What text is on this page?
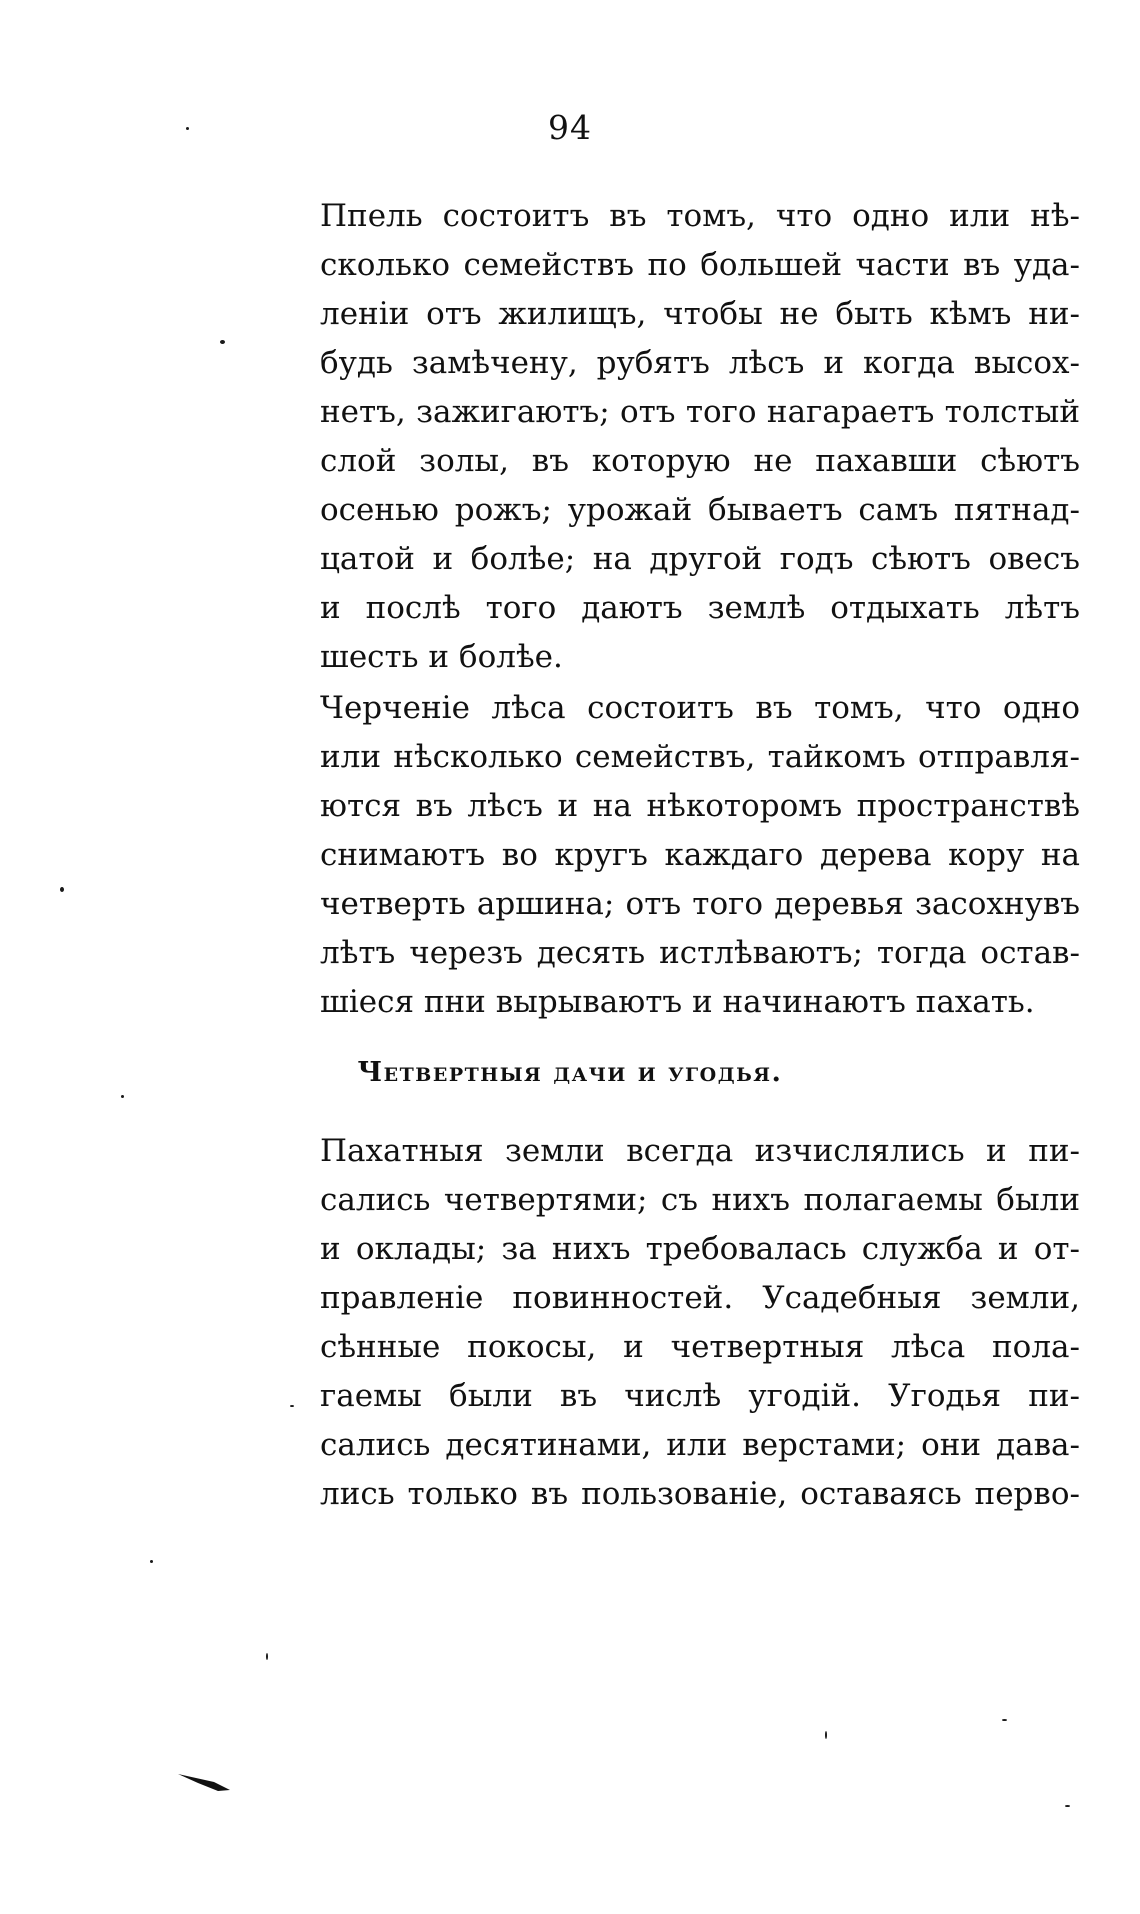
94
Ппель состоитъ въ томъ, что одно или нѣ-
сколько семействъ по большей части въ уда-
леніи отъ жилищъ, чтобы не быть кѣмъ ни-
будь замѣчену, рубятъ лѣсъ и когда высох-
нетъ, зажигаютъ; отъ того нагараетъ толстый
слой золы, въ которую не пахавши сѣютъ
осенью рожъ; урожай бываетъ самъ пятнад-
цатой и болѣе; на другой годъ сѣютъ овесъ
и послѣ того даютъ землѣ отдыхать лѣтъ
шесть и болѣе.
Черченіе лѣса состоитъ въ томъ, что одно
или нѣсколько семействъ, тайкомъ отправля-
ются въ лѣсъ и на нѣкоторомъ пространствѣ
снимаютъ во кругъ каждаго дерева кору на
четверть аршина; отъ того деревья засохнувъ
лѣтъ черезъ десять истлѣваютъ; тогда остав-
шіеся пни вырываютъ и начинаютъ пахать.
Четвертныя дачи и угодья.
Пахатныя земли всегда изчислялись и пи-
сались четвертями; съ нихъ полагаемы были
и оклады; за нихъ требовалась служба и от-
правленіе повинностей. Усадебныя земли,
сѣнные покосы, и четвертныя лѣса пола-
гаемы были въ числѣ угодій. Угодья пи-
сались десятинами, или верстами; они дава-
лись только въ пользованіе, оставаясь перво-
